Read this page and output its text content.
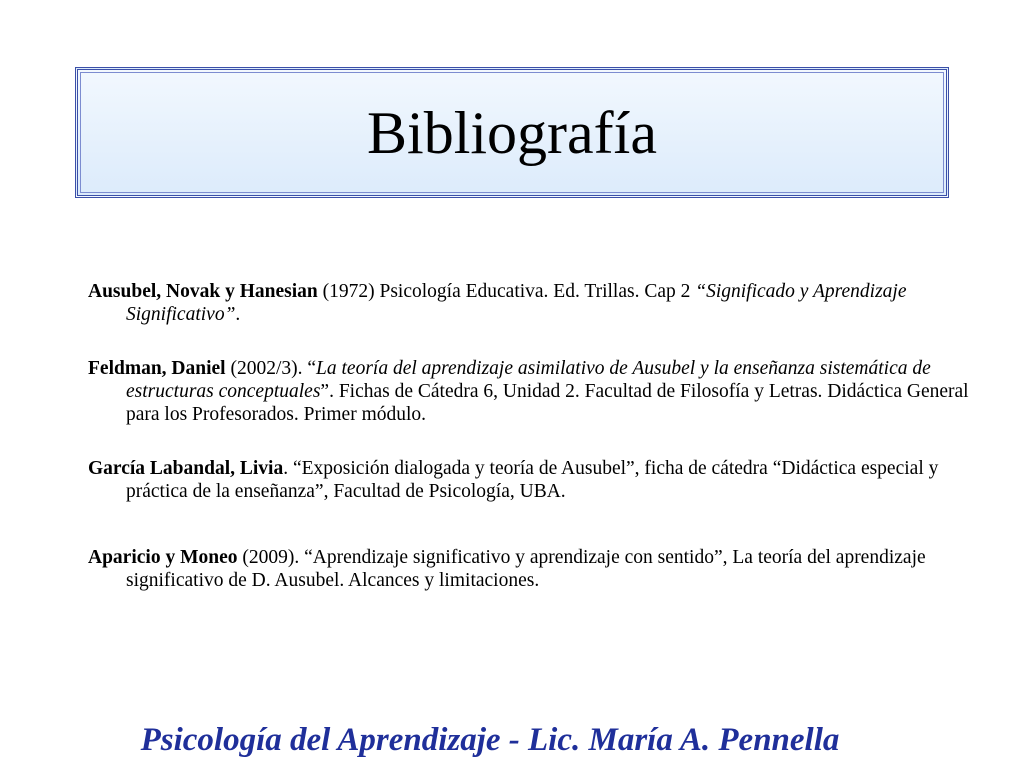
Bibliografía

Ausubel, Novak y Hanesian (1972) Psicología Educativa. Ed. Trillas. Cap 2 “Significado y Aprendizaje Significativo”.

Feldman, Daniel (2002/3). “La teoría del aprendizaje asimilativo de Ausubel y la enseñanza sistemática de estructuras conceptuales”. Fichas de Cátedra 6, Unidad 2. Facultad de Filosofía y Letras. Didáctica General para los Profesorados. Primer módulo.

García Labandal, Livia. “Exposición dialogada y teoría de Ausubel”, ficha de cátedra “Didáctica especial y práctica de la enseñanza”, Facultad de Psicología, UBA.

Aparicio y Moneo (2009). “Aprendizaje significativo y aprendizaje con sentido”, La teoría del aprendizaje significativo de D. Ausubel. Alcances y limitaciones.

Psicología del Aprendizaje - Lic. María A. Pennella
